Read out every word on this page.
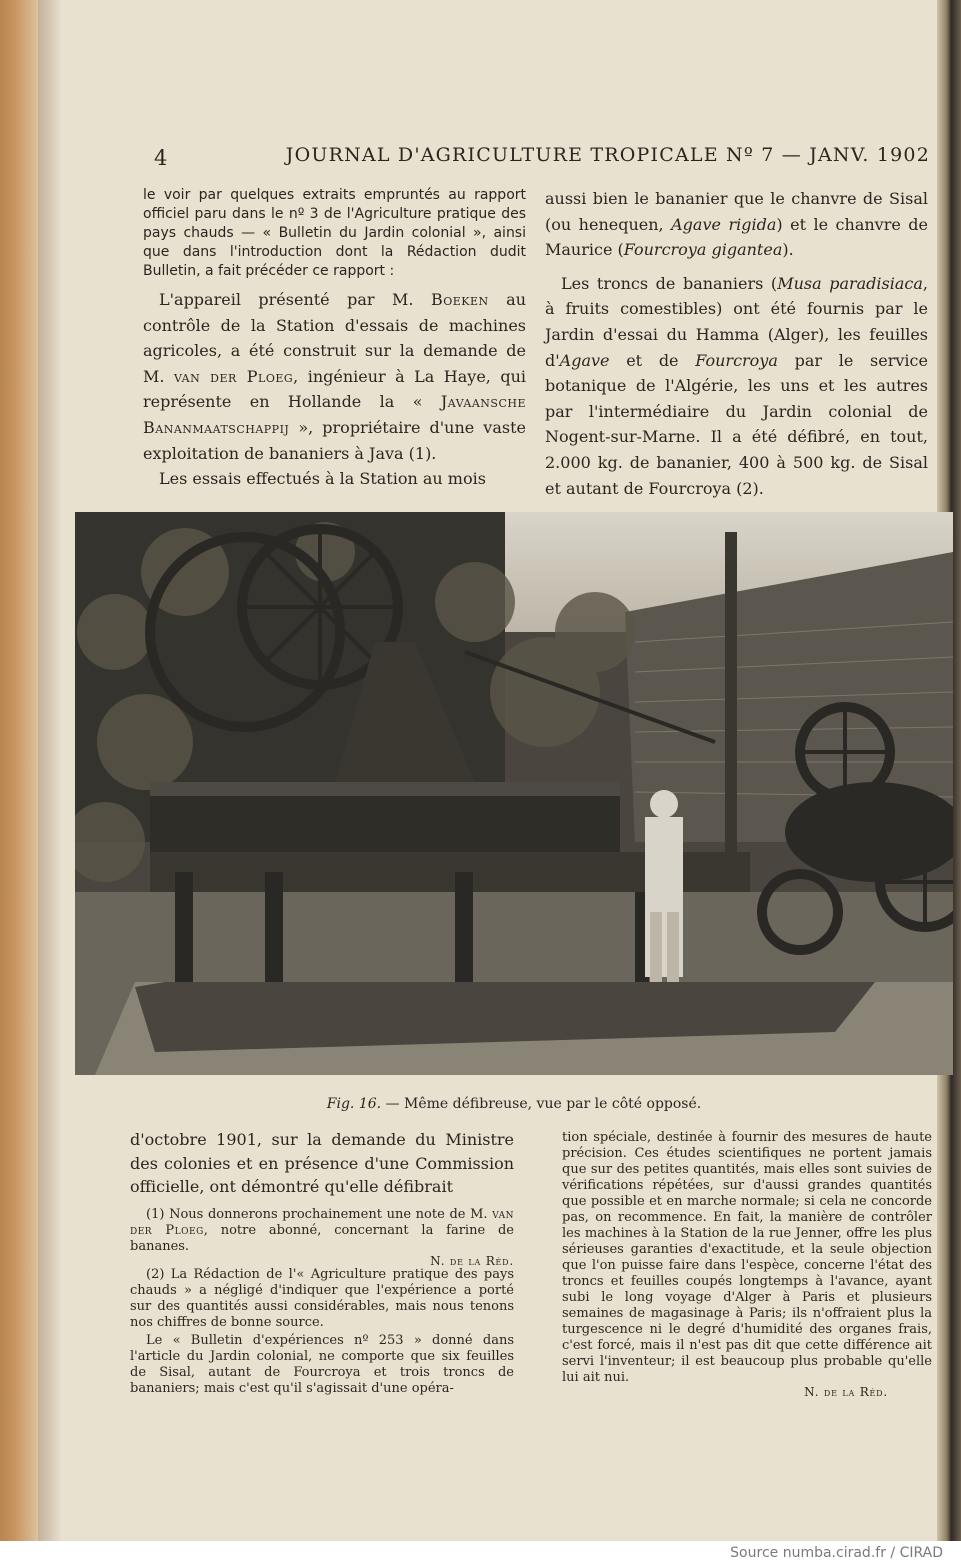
4	JOURNAL D'AGRICULTURE TROPICALE Nº 7 — JANV. 1902

le voir par quelques extraits empruntés au rapport officiel paru dans le nº 3 de l'Agriculture pratique des pays chauds — « Bulletin du Jardin colonial », ainsi que dans l'introduction dont la Rédaction dudit Bulletin, a fait précéder ce rapport :

L'appareil présenté par M. Boeken au contrôle de la Station d'essais de machines agricoles, a été construit sur la demande de M. van der Ploeg, ingénieur à La Haye, qui représente en Hollande la « Javaansche Bananmaatschappij », propriétaire d'une vaste exploitation de bananiers à Java (1).

Les essais effectués à la Station au mois

aussi bien le bananier que le chanvre de Sisal (ou henequen, Agave rigida) et le chanvre de Maurice (Fourcroya gigantea).

Les troncs de bananiers (Musa paradisiaca, à fruits comestibles) ont été fournis par le Jardin d'essai du Hamma (Alger), les feuilles d'Agave et de Fourcroya par le service botanique de l'Algérie, les uns et les autres par l'intermédiaire du Jardin colonial de Nogent-sur-Marne. Il a été défibré, en tout, 2.000 kg. de bananier, 400 à 500 kg. de Sisal et autant de Fourcroya (2).

Fig. 16. — Même défibreuse, vue par le côté opposé.

d'octobre 1901, sur la demande du Ministre des colonies et en présence d'une Commission officielle, ont démontré qu'elle défibrait

(1) Nous donnerons prochainement une note de M. van der Ploeg, notre abonné, concernant la farine de bananes.

N. de la Réd.

(2) La Rédaction de l'« Agriculture pratique des pays chauds » a négligé d'indiquer que l'expérience a porté sur des quantités aussi considérables, mais nous tenons nos chiffres de bonne source.

Le « Bulletin d'expériences nº 253 » donné dans l'article du Jardin colonial, ne comporte que six feuilles de Sisal, autant de Fourcroya et trois troncs de bananiers; mais c'est qu'il s'agissait d'une opéra-

tion spéciale, destinée à fournir des mesures de haute précision. Ces études scientifiques ne portent jamais que sur des petites quantités, mais elles sont suivies de vérifications répétées, sur d'aussi grandes quantités que possible et en marche normale; si cela ne concorde pas, on recommence. En fait, la manière de contrôler les machines à la Station de la rue Jenner, offre les plus sérieuses garanties d'exactitude, et la seule objection que l'on puisse faire dans l'espèce, concerne l'état des troncs et feuilles coupés longtemps à l'avance, ayant subi le long voyage d'Alger à Paris et plusieurs semaines de magasinage à Paris; ils n'offraient plus la turgescence ni le degré d'humidité des organes frais, c'est forcé, mais il n'est pas dit que cette différence ait servi l'inventeur; il est beaucoup plus probable qu'elle lui ait nui.

N. de la Réd.

Source numba.cirad.fr / CIRAD
